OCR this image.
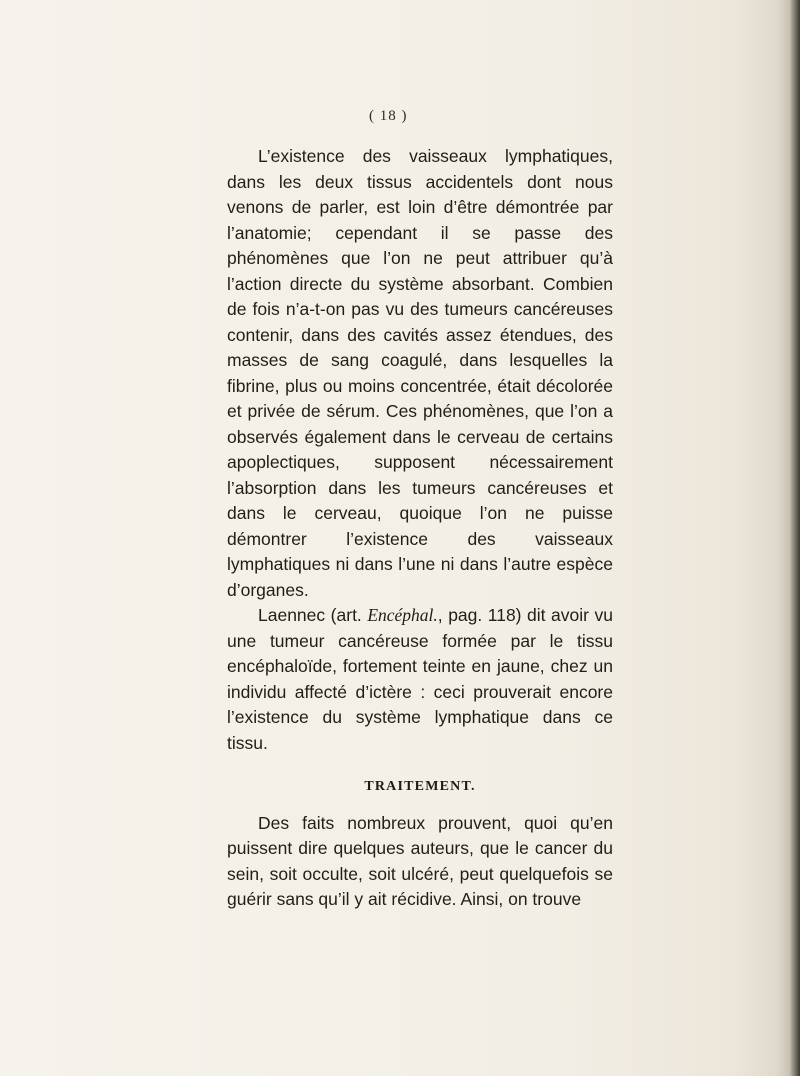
( 18 )

L’existence des vaisseaux lymphatiques, dans les deux tissus accidentels dont nous venons de parler, est loin d’être démontrée par l’anatomie; cependant il se passe des phénomènes que l’on ne peut attribuer qu’à l’action directe du système absorbant. Combien de fois n’a-t-on pas vu des tumeurs cancéreuses contenir, dans des cavités assez étendues, des masses de sang coagulé, dans lesquelles la fibrine, plus ou moins concentrée, était décolorée et privée de sérum. Ces phénomènes, que l’on a observés également dans le cerveau de certains apoplectiques, supposent nécessairement l’absorption dans les tumeurs cancéreuses et dans le cerveau, quoique l’on ne puisse démontrer l’existence des vaisseaux lymphatiques ni dans l’une ni dans l’autre espèce d’organes.

Laennec (art. Encéphal., pag. 118) dit avoir vu une tumeur cancéreuse formée par le tissu encéphaloïde, fortement teinte en jaune, chez un individu affecté d’ictère : ceci prouverait encore l’existence du système lymphatique dans ce tissu.

TRAITEMENT.

Des faits nombreux prouvent, quoi qu’en puissent dire quelques auteurs, que le cancer du sein, soit occulte, soit ulcéré, peut quelquefois se guérir sans qu’il y ait récidive. Ainsi, on trouve
